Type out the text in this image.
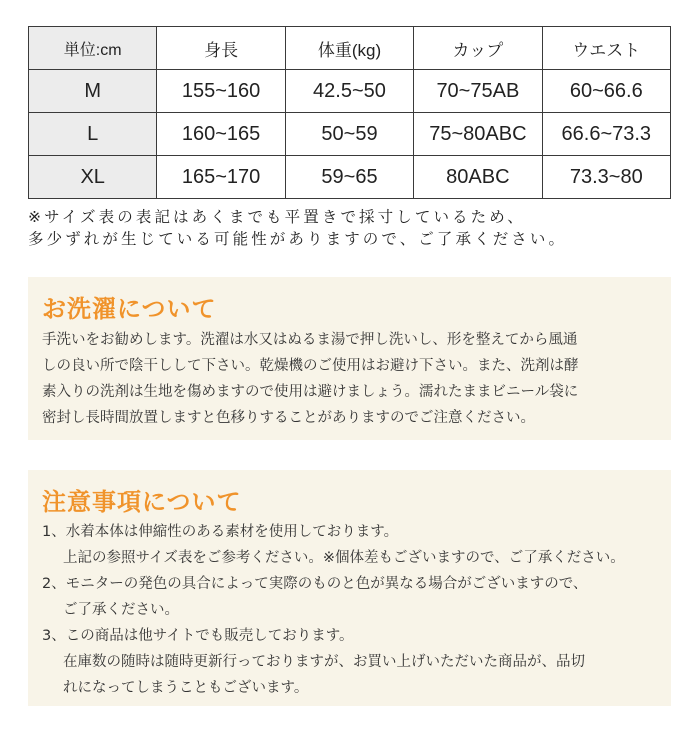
単位:cm	身長	体重(kg)	カップ	ウエスト
M	155~160	42.5~50	70~75AB	60~66.6
L	160~165	50~59	75~80ABC	66.6~73.3
XL	165~170	59~65	80ABC	73.3~80
※サイズ表の表記はあくまでも平置きで採寸しているため、
多少ずれが生じている可能性がありますので、ご了承ください。
お洗濯について
手洗いをお勧めします。洗濯は水又はぬるま湯で押し洗いし、形を整えてから風通
しの良い所で陰干しして下さい。乾燥機のご使用はお避け下さい。また、洗剤は酵
素入りの洗剤は生地を傷めますので使用は避けましょう。濡れたままビニール袋に
密封し長時間放置しますと色移りすることがありますのでご注意ください。
注意事項について
1、水着本体は伸縮性のある素材を使用しております。
上記の参照サイズ表をご参考ください。※個体差もございますので、ご了承ください。
2、モニターの発色の具合によって実際のものと色が異なる場合がございますので、
ご了承ください。
3、この商品は他サイトでも販売しております。
在庫数の随時は随時更新行っておりますが、お買い上げいただいた商品が、品切
れになってしまうこともございます。
